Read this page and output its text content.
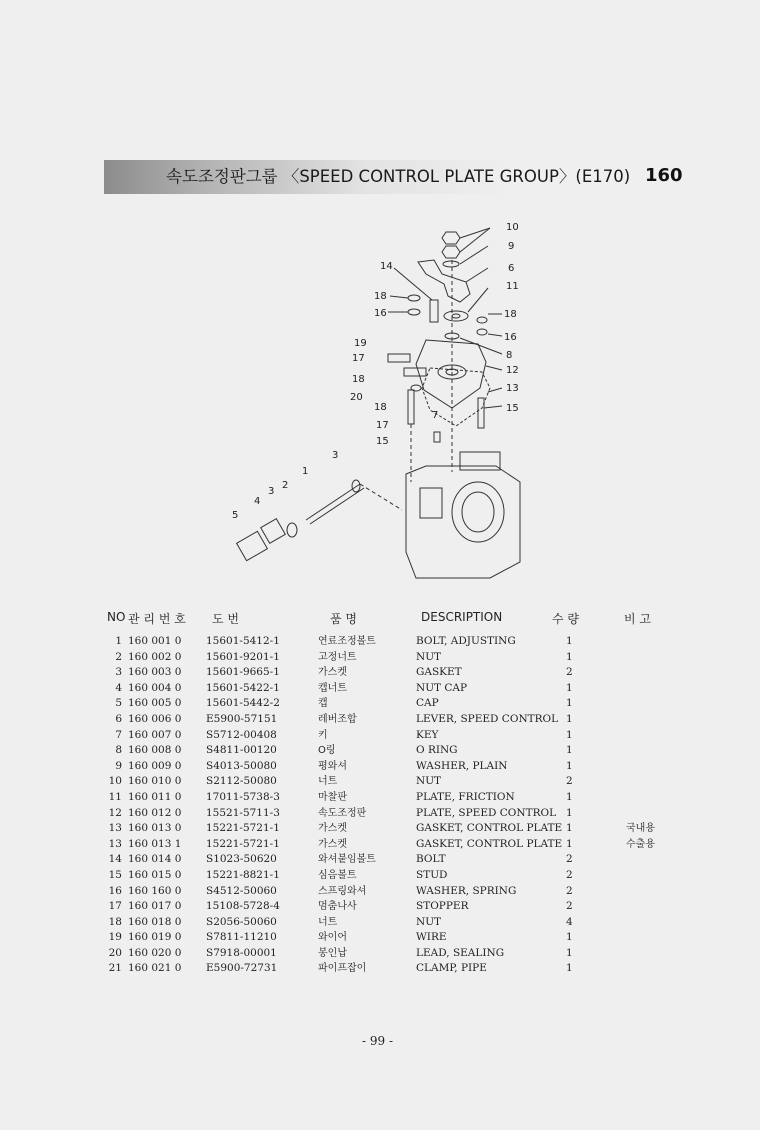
속도조정판그룹 〈SPEED CONTROL PLATE GROUP〉(E170) 160
10
9
6
14
11
18
16	18
16
8
19
17
12
18
13
20
18	15
7
17
15
3
1
2
3
4
5
NO 관 리 번 호 도 번	품 명	DESCRIPTION	수 량	비 고
1 160 001 0 15601-5412-1	연료조정볼트	BOLT, ADJUSTING	1
2 160 002 0 15601-9201-1	고정너트	NUT	1
3 160 003 0 15601-9665-1	가스켓	GASKET	2
4 160 004 0 15601-5422-1	캡너트	NUT CAP	1
5 160 005 0 15601-5442-2	캡	CAP	1
6 160 006 0 E5900-57151	레버조합	LEVER, SPEED CONTROL 1
7 160 007 0 S5712-00408	키	KEY	1
8 160 008 0 S4811-00120	O링	O RING	1
9 160 009 0 S4013-50080	평와셔	WASHER, PLAIN	1
10 160 010 0 S2112-50080	너트	NUT	2
11 160 011 0 17011-5738-3	마찰판	PLATE, FRICTION	1
12 160 012 0 15521-5711-3	속도조정판	PLATE, SPEED CONTROL 1
13 160 013 0 15221-5721-1	가스켓	GASKET, CONTROL PLATE 1	국내용
13 160 013 1 15221-5721-1	가스켓	GASKET, CONTROL PLATE 1	수출용
14 160 014 0 S1023-50620	와셔붙임볼트	BOLT	2
15 160 015 0 15221-8821-1	심음볼트	STUD	2
16 160 160 0 S4512-50060	스프링와셔	WASHER, SPRING	2
17 160 017 0 15108-5728-4	멈춤나사	STOPPER	2
18 160 018 0 S2056-50060	너트	NUT	4
19 160 019 0 S7811-11210	와이어	WIRE	1
20 160 020 0 S7918-00001	봉인납	LEAD, SEALING	1
21 160 021 0 E5900-72731	파이프잡이	CLAMP, PIPE	1
- 99 -
